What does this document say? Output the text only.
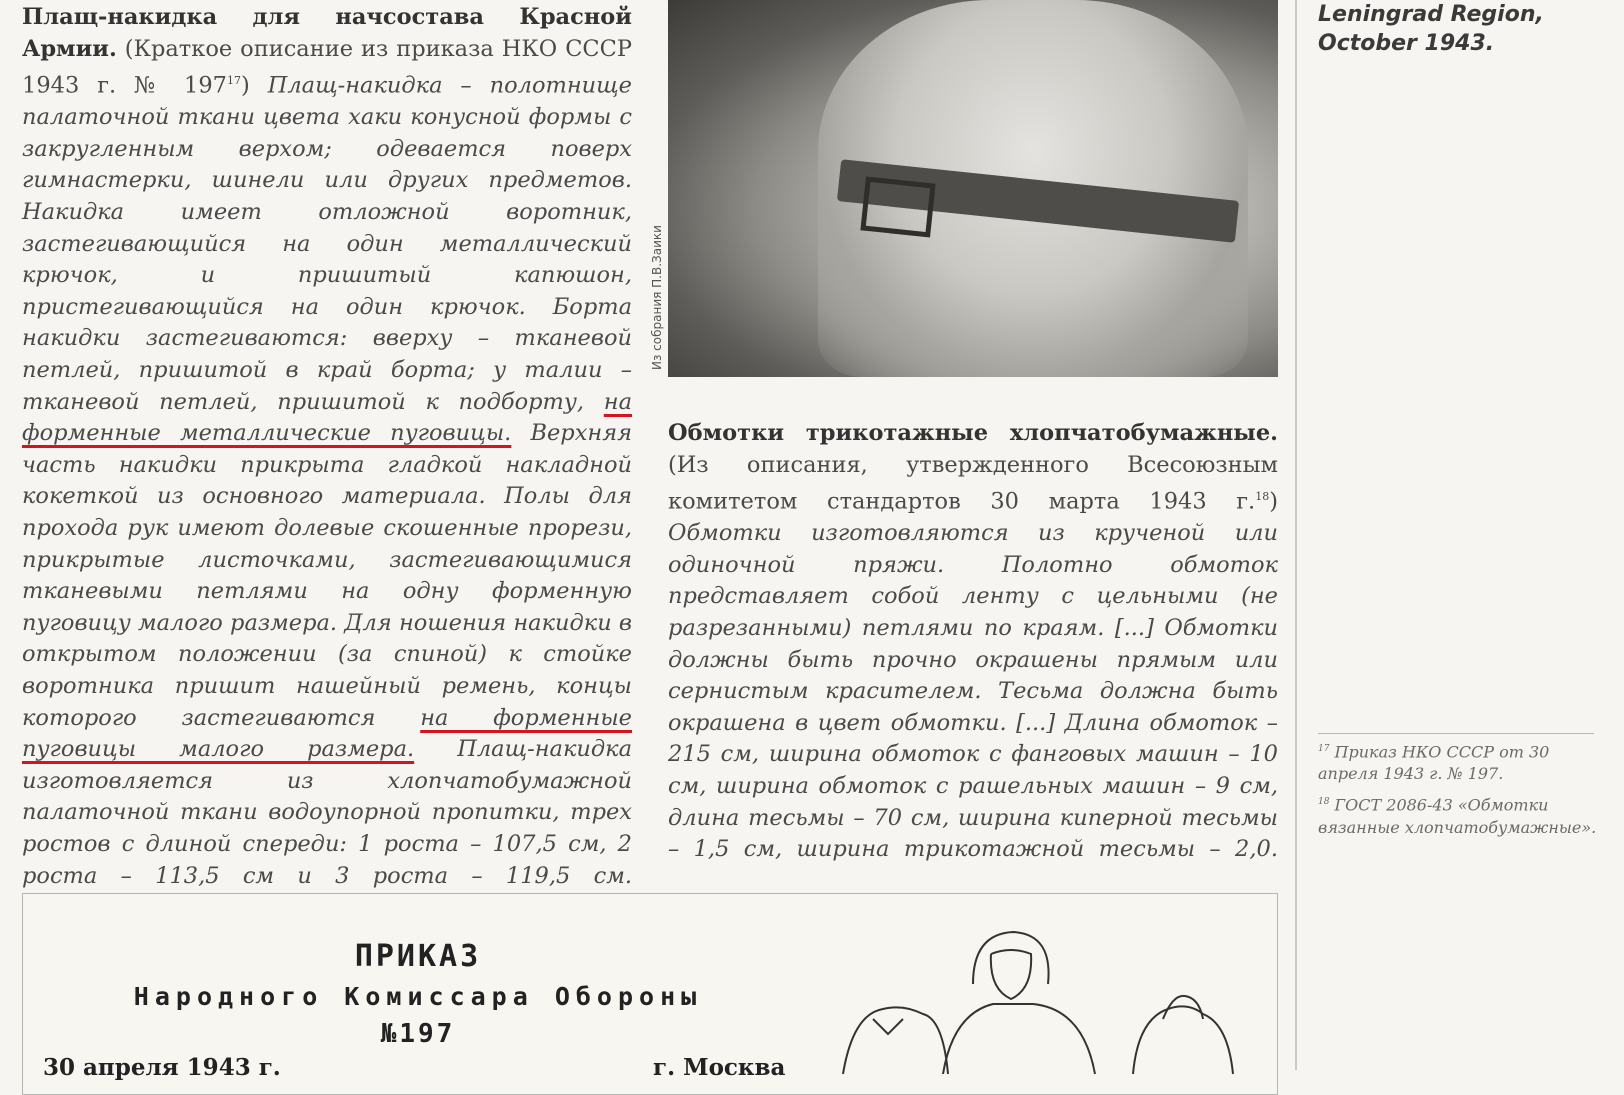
Плащ-накидка для начсостава Красной Армии. (Краткое описание из приказа НКО СССР 1943 г. № $197^{17}$) Плащ-накидка – полотнище палаточной ткани цвета хаки конусной формы с закругленным верхом; одевается поверх гимнастерки, шинели или других предметов. Накидка имеет отложной воротник, застегивающийся на один металлический крючок, и пришитый капюшон, пристегивающийся на один крючок. Борта накидки застегиваются: вверху – тканевой петлей, пришитой в край борта; у талии – тканевой петлей, пришитой к подборту, на форменные металлические пуговицы. Верхняя часть накидки прикрыта гладкой накладной кокеткой из основного материала. Полы для прохода рук имеют долевые скошенные прорези, прикрытые листочками, застегивающимися тканевыми петлями на одну форменную пуговицу малого размера. Для ношения накидки в открытом положении (за спиной) к стойке воротника пришит нашейный ремень, концы которого застегиваются на форменные пуговицы малого размера. Плащ-накидка изготовляется из хлопчатобумажной палаточной ткани водоупорной пропитки, трех ростов с длиной спереди: 1 роста – 107,5 см, 2 роста – 113,5 см и 3 роста – 119,5 см.

Из собрания П.В.Заики

Обмотки трикотажные хлопчатобумажные. (Из описания, утвержденного Всесоюзным комитетом стандартов 30 марта 1943 г.$^{18}$) Обмотки изготовляются из крученой или одиночной пряжи. Полотно обмоток представляет собой ленту с цельными (не разрезанными) петлями по краям. [...] Обмотки должны быть прочно окрашены прямым или сернистым красителем. Тесьма должна быть окрашена в цвет обмотки. [...] Длина обмоток – 215 см, ширина обмоток с фанговых машин – 10 см, ширина обмоток с рашельных машин – 9 см, длина тесьмы – 70 см, ширина киперной тесьмы – 1,5 см, ширина трикотажной тесьмы – 2,0.

Leningrad Region,
October 1943.
$^{17}$ Приказ НКО СССР от 30 апреля 1943 г. № 197.
$^{18}$ ГОСТ 2086-43 «Обмотки вязанные хлопчатобумажные».
ПРИКАЗ
Народного Комиссара Обороны
№197
30 апреля 1943 г.	г. Москва
